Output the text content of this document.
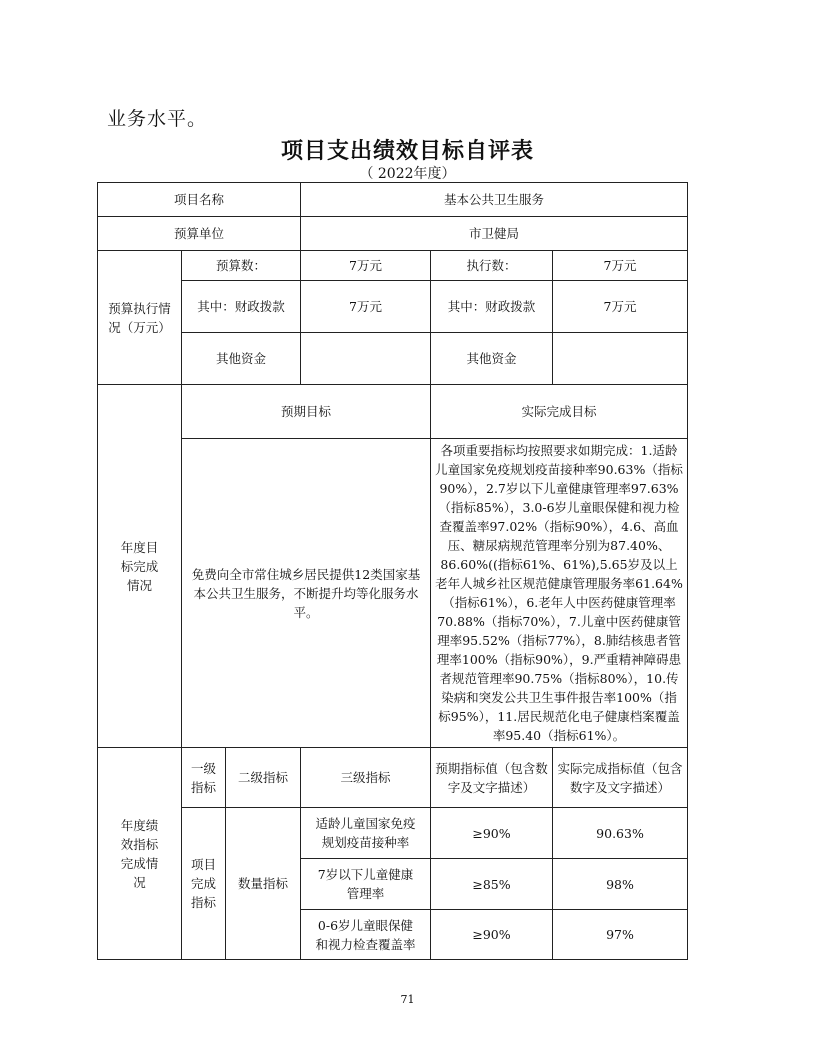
业务水平。
项目支出绩效目标自评表
（ 2022年度）
项目名称			基本公共卫生服务		
预算单位			市卫健局		
预算执行情况（万元）	预算数：		7万元	执行数：	7万元
	其中：财政拨款		7万元	其中：财政拨款	7万元
	其他资金			其他资金	
年度目标完成情况	预期目标			实际完成目标	
	免费向全市常住城乡居民提供12类国家基本公共卫生服务，不断提升均等化服务水平。			各项重要指标均按照要求如期完成：1.适龄儿童国家免疫规划疫苗接种率90.63%（指标90%），2.7岁以下儿童健康管理率97.63%（指标85%），3.0-6岁儿童眼保健和视力检查覆盖率97.02%（指标90%），4.6、高血压、糖尿病规范管理率分别为87.40%、86.60%((指标61%、61%),5.65岁及以上老年人城乡社区规范健康管理服务率61.64%（指标61%），6.老年人中医药健康管理率70.88%（指标70%），7.儿童中医药健康管理率95.52%（指标77%），8.肺结核患者管理率100%（指标90%），9.严重精神障碍患者规范管理率90.75%（指标80%），10.传染病和突发公共卫生事件报告率100%（指标95%），11.居民规范化电子健康档案覆盖率95.40（指标61%）。	
年度绩效指标完成情况	一级指标	二级指标	三级指标	预期指标值（包含数字及文字描述）	实际完成指标值（包含数字及文字描述）
	项目完成指标	数量指标	适龄儿童国家免疫规划疫苗接种率	≥90%	90.63%
			7岁以下儿童健康管理率	≥85%	98%
			0-6岁儿童眼保健和视力检查覆盖率	≥90%	97%
71
